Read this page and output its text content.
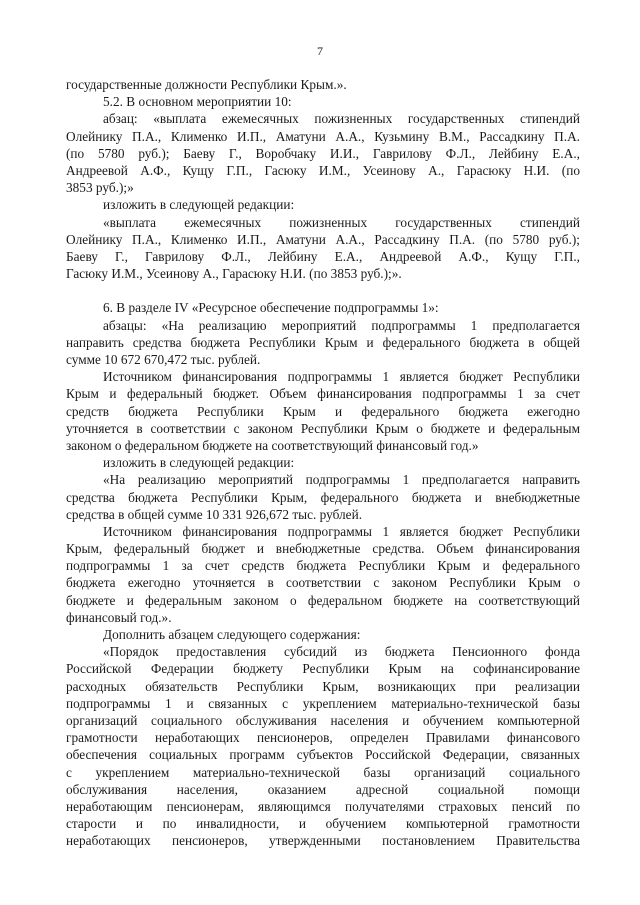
7
государственные должности Республики Крым.».
5.2. В основном мероприятии 10:
абзац: «выплата ежемесячных пожизненных государственных стипендий
Олейнику П.А., Клименко И.П., Аматуни А.А., Кузьмину В.М., Рассадкину П.А.
(по 5780 руб.); Баеву Г., Воробчаку И.И., Гаврилову Ф.Л., Лейбину Е.А.,
Андреевой А.Ф., Кущу Г.П., Гасюку И.М., Усеинову А., Гарасюку Н.И. (по
3853 руб.);»
изложить в следующей редакции:
«выплата ежемесячных пожизненных государственных стипендий
Олейнику П.А., Клименко И.П., Аматуни А.А., Рассадкину П.А. (по 5780 руб.);
Баеву Г., Гаврилову Ф.Л., Лейбину Е.А., Андреевой А.Ф., Кущу Г.П.,
Гасюку И.М., Усеинову А., Гарасюку Н.И. (по 3853 руб.);».
6. В разделе IV «Ресурсное обеспечение подпрограммы 1»:
абзацы: «На реализацию мероприятий подпрограммы 1 предполагается
направить средства бюджета Республики Крым и федерального бюджета в общей
сумме 10 672 670,472 тыс. рублей.
Источником финансирования подпрограммы 1 является бюджет Республики
Крым и федеральный бюджет. Объем финансирования подпрограммы 1 за счет
средств бюджета Республики Крым и федерального бюджета ежегодно
уточняется в соответствии с законом Республики Крым о бюджете и федеральным
законом о федеральном бюджете на соответствующий финансовый год.»
изложить в следующей редакции:
«На реализацию мероприятий подпрограммы 1 предполагается направить
средства бюджета Республики Крым, федерального бюджета и внебюджетные
средства в общей сумме 10 331 926,672 тыс. рублей.
Источником финансирования подпрограммы 1 является бюджет Республики
Крым, федеральный бюджет и внебюджетные средства. Объем финансирования
подпрограммы 1 за счет средств бюджета Республики Крым и федерального
бюджета ежегодно уточняется в соответствии с законом Республики Крым о
бюджете и федеральным законом о федеральном бюджете на соответствующий
финансовый год.».
Дополнить абзацем следующего содержания:
«Порядок предоставления субсидий из бюджета Пенсионного фонда
Российской Федерации бюджету Республики Крым на софинансирование
расходных обязательств Республики Крым, возникающих при реализации
подпрограммы 1 и связанных с укреплением материально-технической базы
организаций социального обслуживания населения и обучением компьютерной
грамотности неработающих пенсионеров, определен Правилами финансового
обеспечения социальных программ субъектов Российской Федерации, связанных
с укреплением материально-технической базы организаций социального
обслуживания населения, оказанием адресной социальной помощи
неработающим пенсионерам, являющимся получателями страховых пенсий по
старости и по инвалидности, и обучением компьютерной грамотности
неработающих пенсионеров, утвержденными постановлением Правительства
